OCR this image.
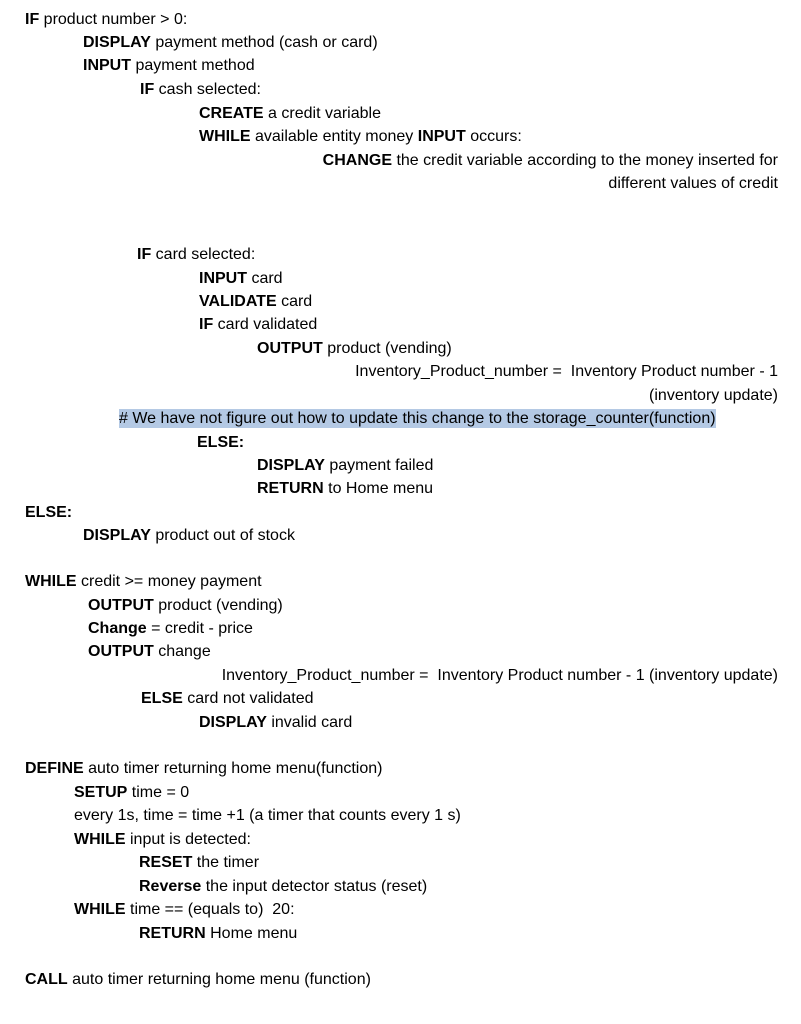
IF product number > 0:
DISPLAY payment method (cash or card)
INPUT payment method
IF cash selected:
CREATE a credit variable
WHILE available entity money INPUT occurs:
CHANGE the credit variable according to the money inserted for
different values of credit
IF card selected:
INPUT card
VALIDATE card
IF card validated
OUTPUT product (vending)
Inventory_Product_number =  Inventory Product number - 1
(inventory update)
# We have not figure out how to update this change to the storage_counter(function)
ELSE:
DISPLAY payment failed
RETURN to Home menu
ELSE:
DISPLAY product out of stock
WHILE credit >= money payment
OUTPUT product (vending)
Change = credit - price
OUTPUT change
Inventory_Product_number =  Inventory Product number - 1 (inventory update)
ELSE card not validated
DISPLAY invalid card
DEFINE auto timer returning home menu(function)
SETUP time = 0
every 1s, time = time +1 (a timer that counts every 1 s)
WHILE input is detected:
RESET the timer
Reverse the input detector status (reset)
WHILE time == (equals to)  20:
RETURN Home menu
CALL auto timer returning home menu (function)
